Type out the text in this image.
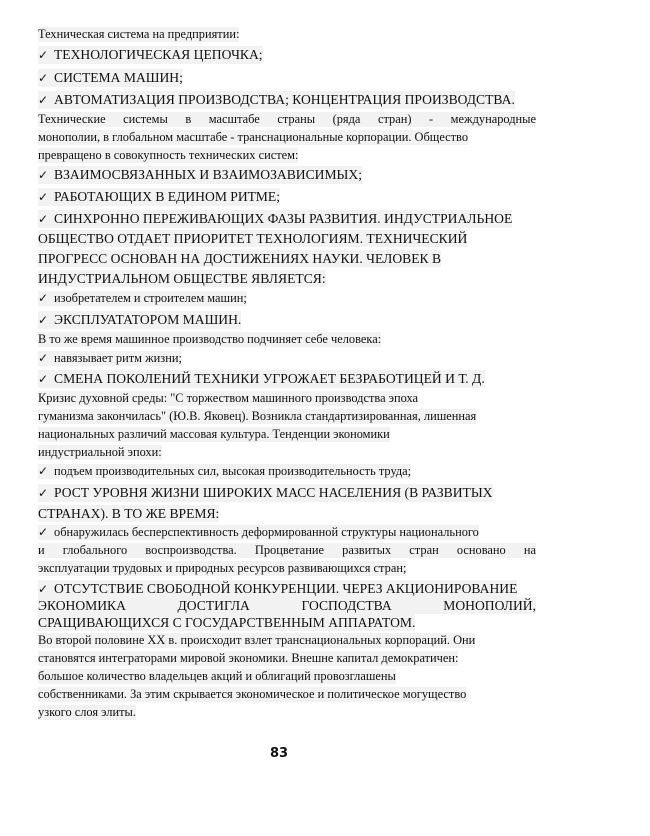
Техническая система на предприятии:
✓ ТЕХНОЛОГИЧЕСКАЯ ЦЕПОЧКА;
✓ СИСТЕМА МАШИН;
✓ АВТОМАТИЗАЦИЯ ПРОИЗВОДСТВА; КОНЦЕНТРАЦИЯ ПРОИЗВОДСТВА.
Технические системы в масштабе страны (ряда стран) - международные
монополии, в глобальном масштабе - транснациональные корпорации. Общество
превращено в совокупность технических систем:
✓ ВЗАИМОСВЯЗАННЫХ И ВЗАИМОЗАВИСИМЫХ;
✓ РАБОТАЮЩИХ В ЕДИНОМ РИТМЕ;
✓ СИНХРОННО ПЕРЕЖИВАЮЩИХ ФАЗЫ РАЗВИТИЯ. ИНДУСТРИАЛЬНОЕ
ОБЩЕСТВО ОТДАЕТ ПРИОРИТЕТ ТЕХНОЛОГИЯМ. ТЕХНИЧЕСКИЙ
ПРОГРЕСС ОСНОВАН НА ДОСТИЖЕНИЯХ НАУКИ. ЧЕЛОВЕК В
ИНДУСТРИАЛЬНОМ ОБЩЕСТВЕ ЯВЛЯЕТСЯ:
✓ изобретателем и строителем машин;
✓ ЭКСПЛУАТАТОРОМ МАШИН.
В то же время машинное производство подчиняет себе человека:
✓ навязывает ритм жизни;
✓ СМЕНА ПОКОЛЕНИЙ ТЕХНИКИ УГРОЖАЕТ БЕЗРАБОТИЦЕЙ И Т. Д.
Кризис духовной среды: "С торжеством машинного производства эпоха
гуманизма закончилась" (Ю.В. Яковец). Возникла стандартизированная, лишенная
национальных различий массовая культура. Тенденции экономики
индустриальной эпохи:
✓ подъем производительных сил, высокая производительность труда;
✓ РОСТ УРОВНЯ ЖИЗНИ ШИРОКИХ МАСС НАСЕЛЕНИЯ (В РАЗВИТЫХ
СТРАНАХ). В ТО ЖЕ ВРЕМЯ:
✓ обнаружилась бесперспективность деформированной структуры национального
и глобального воспроизводства. Процветание развитых стран основано на
эксплуатации трудовых и природных ресурсов развивающихся стран;
✓ ОТСУТСТВИЕ СВОБОДНОЙ КОНКУРЕНЦИИ. ЧЕРЕЗ АКЦИОНИРОВАНИЕ
ЭКОНОМИКА ДОСТИГЛА ГОСПОДСТВА МОНОПОЛИЙ,
СРАЩИВАЮЩИХСЯ С ГОСУДАРСТВЕННЫМ АППАРАТОМ.
Во второй половине XX в. происходит взлет транснациональных корпораций. Они
становятся интеграторами мировой экономики. Внешне капитал демократичен:
большое количество владельцев акций и облигаций провозглашены
собственниками. За этим скрывается экономическое и политическое могущество
узкого слоя элиты.
83
